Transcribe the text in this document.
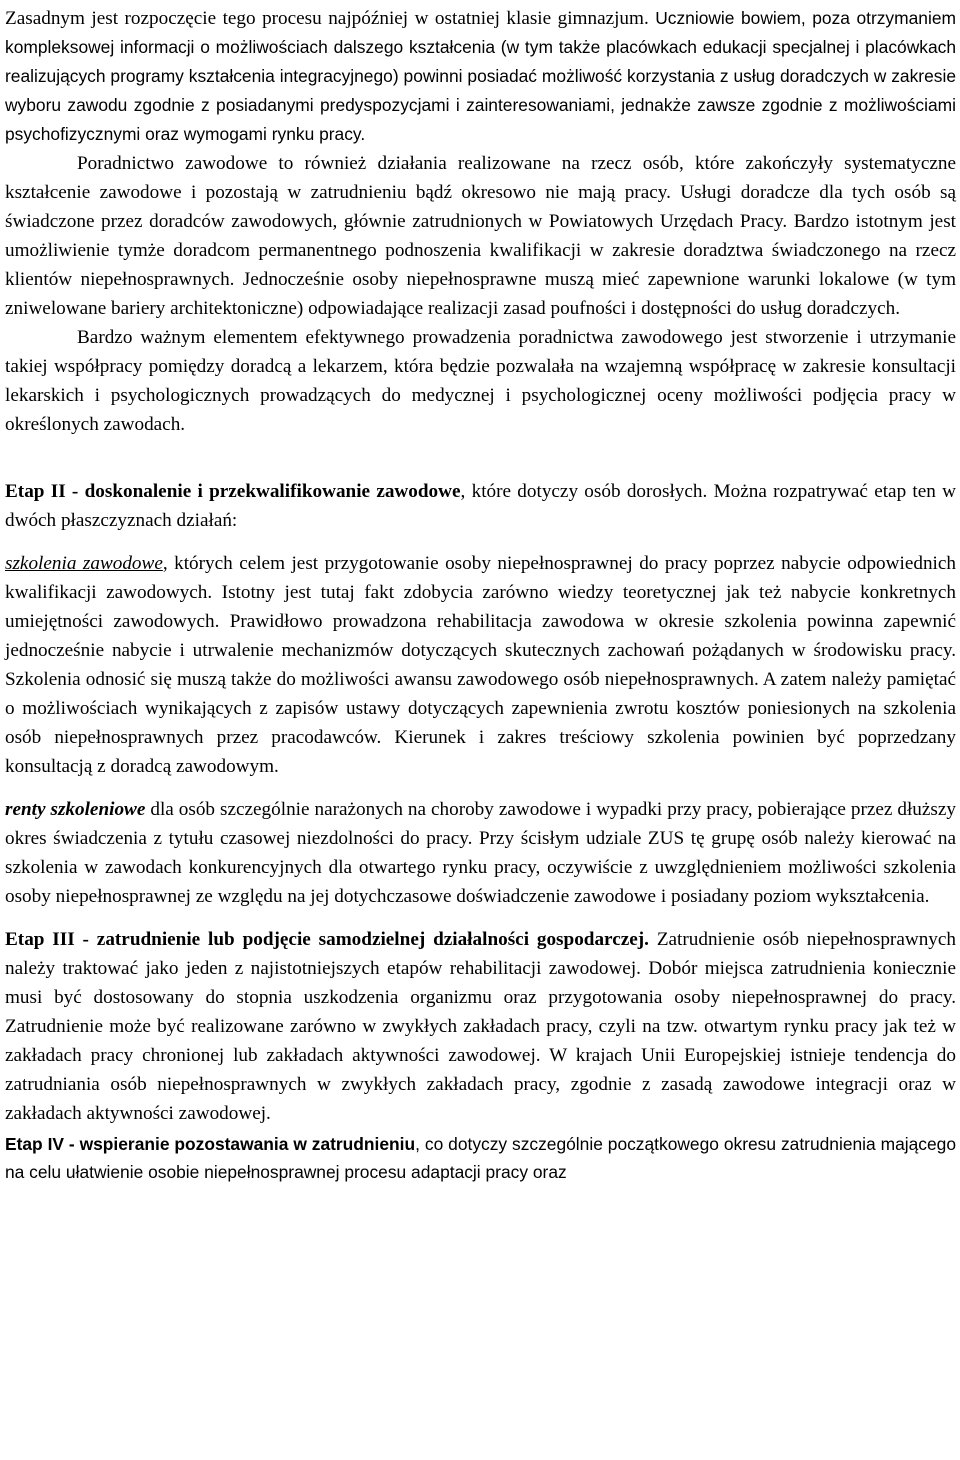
Zasadnym jest rozpoczęcie tego procesu najpóźniej w ostatniej klasie gimnazjum. Uczniowie bowiem, poza otrzymaniem kompleksowej informacji o możliwościach dalszego kształcenia (w tym także placówkach edukacji specjalnej i placówkach realizujących programy kształcenia integracyjnego) powinni posiadać możliwość korzystania z usług doradczych w zakresie wyboru zawodu zgodnie z posiadanymi predyspozycjami i zainteresowaniami, jednakże zawsze zgodnie z możliwościami psychofizycznymi oraz wymogami rynku pracy.

Poradnictwo zawodowe to również działania realizowane na rzecz osób, które zakończyły systematyczne kształcenie zawodowe i pozostają w zatrudnieniu bądź okresowo nie mają pracy. Usługi doradcze dla tych osób są świadczone przez doradców zawodowych, głównie zatrudnionych w Powiatowych Urzędach Pracy. Bardzo istotnym jest umożliwienie tymże doradcom permanentnego podnoszenia kwalifikacji w zakresie doradztwa świadczonego na rzecz klientów niepełnosprawnych. Jednocześnie osoby niepełnosprawne muszą mieć zapewnione warunki lokalowe (w tym zniwelowane bariery architektoniczne) odpowiadające realizacji zasad poufności i dostępności do usług doradczych.

Bardzo ważnym elementem efektywnego prowadzenia poradnictwa zawodowego jest stworzenie i utrzymanie takiej współpracy pomiędzy doradcą a lekarzem, która będzie pozwalała na wzajemną współpracę w zakresie konsultacji lekarskich i psychologicznych prowadzących do medycznej i psychologicznej oceny możliwości podjęcia pracy w określonych zawodach.

Etap II - doskonalenie i przekwalifikowanie zawodowe, które dotyczy osób dorosłych. Można rozpatrywać etap ten w dwóch płaszczyznach działań:

szkolenia zawodowe, których celem jest przygotowanie osoby niepełnosprawnej do pracy poprzez nabycie odpowiednich kwalifikacji zawodowych. Istotny jest tutaj fakt zdobycia zarówno wiedzy teoretycznej jak też nabycie konkretnych umiejętności zawodowych. Prawidłowo prowadzona rehabilitacja zawodowa w okresie szkolenia powinna zapewnić jednocześnie nabycie i utrwalenie mechanizmów dotyczących skutecznych zachowań pożądanych w środowisku pracy. Szkolenia odnosić się muszą także do możliwości awansu zawodowego osób niepełnosprawnych. A zatem należy pamiętać o możliwościach wynikających z zapisów ustawy dotyczących zapewnienia zwrotu kosztów poniesionych na szkolenia osób niepełnosprawnych przez pracodawców. Kierunek i zakres treściowy szkolenia powinien być poprzedzany konsultacją z doradcą zawodowym.

renty szkoleniowe dla osób szczególnie narażonych na choroby zawodowe i wypadki przy pracy, pobierające przez dłuższy okres świadczenia z tytułu czasowej niezdolności do pracy. Przy ścisłym udziale ZUS tę grupę osób należy kierować na szkolenia w zawodach konkurencyjnych dla otwartego rynku pracy, oczywiście z uwzględnieniem możliwości szkolenia osoby niepełnosprawnej ze względu na jej dotychczasowe doświadczenie zawodowe i posiadany poziom wykształcenia.

Etap III - zatrudnienie lub podjęcie samodzielnej działalności gospodarczej. Zatrudnienie osób niepełnosprawnych należy traktować jako jeden z najistotniejszych etapów rehabilitacji zawodowej. Dobór miejsca zatrudnienia koniecznie musi być dostosowany do stopnia uszkodzenia organizmu oraz przygotowania osoby niepełnosprawnej do pracy. Zatrudnienie może być realizowane zarówno w zwykłych zakładach pracy, czyli na tzw. otwartym rynku pracy jak też w zakładach pracy chronionej lub zakładach aktywności zawodowej. W krajach Unii Europejskiej istnieje tendencja do zatrudniania osób niepełnosprawnych w zwykłych zakładach pracy, zgodnie z zasadą zawodowe integracji oraz w zakładach aktywności zawodowej.

Etap IV - wspieranie pozostawania w zatrudnieniu, co dotyczy szczególnie początkowego okresu zatrudnienia mającego na celu ułatwienie osobie niepełnosprawnej procesu adaptacji pracy oraz
